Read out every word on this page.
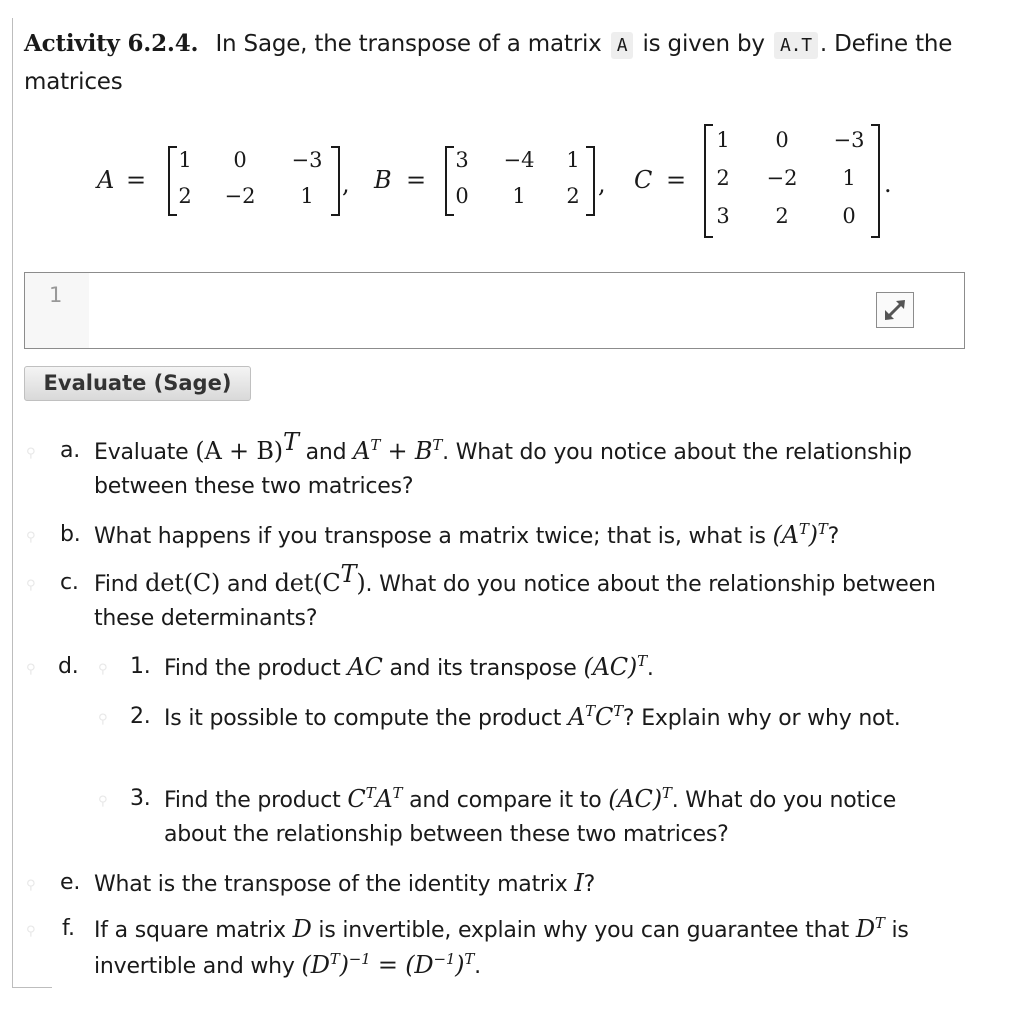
Activity 6.2.4. In Sage, the transpose of a matrix A is given by A.T . Define the matrices
A =
1	0	−3
2	−2	1	, B =
3	−4	1
0	1	2 , C =
1	0	−3
2	−2	1
3	2	0
.
1
Evaluate (Sage)
⚲ a. Evaluate $(A + B)^T$ and $A^T + B^T$. What do you notice about the relationship between these two matrices?
⚲ b. What happens if you transpose a matrix twice; that is, what is $(A^T)^T$?
⚲ c. Find det(C) and $\det(C^T)$. What do you notice about the relationship between these determinants?
⚲ d. ⚲ 1. Find the product AC and its transpose (AC)$^T$.
⚲ 2. Is it possible to compute the product $A^TC^T$? Explain why or why not.
⚲ 3. Find the product $C^TA^T$ and compare it to (AC)$^T$. What do you notice about the relationship between these two matrices?
⚲ e. What is the transpose of the identity matrix I?
⚲ f. If a square matrix D is invertible, explain why you can guarantee that $D^T$ is invertible and why $(D^T)^{-1} = (D^{-1})^T$.
